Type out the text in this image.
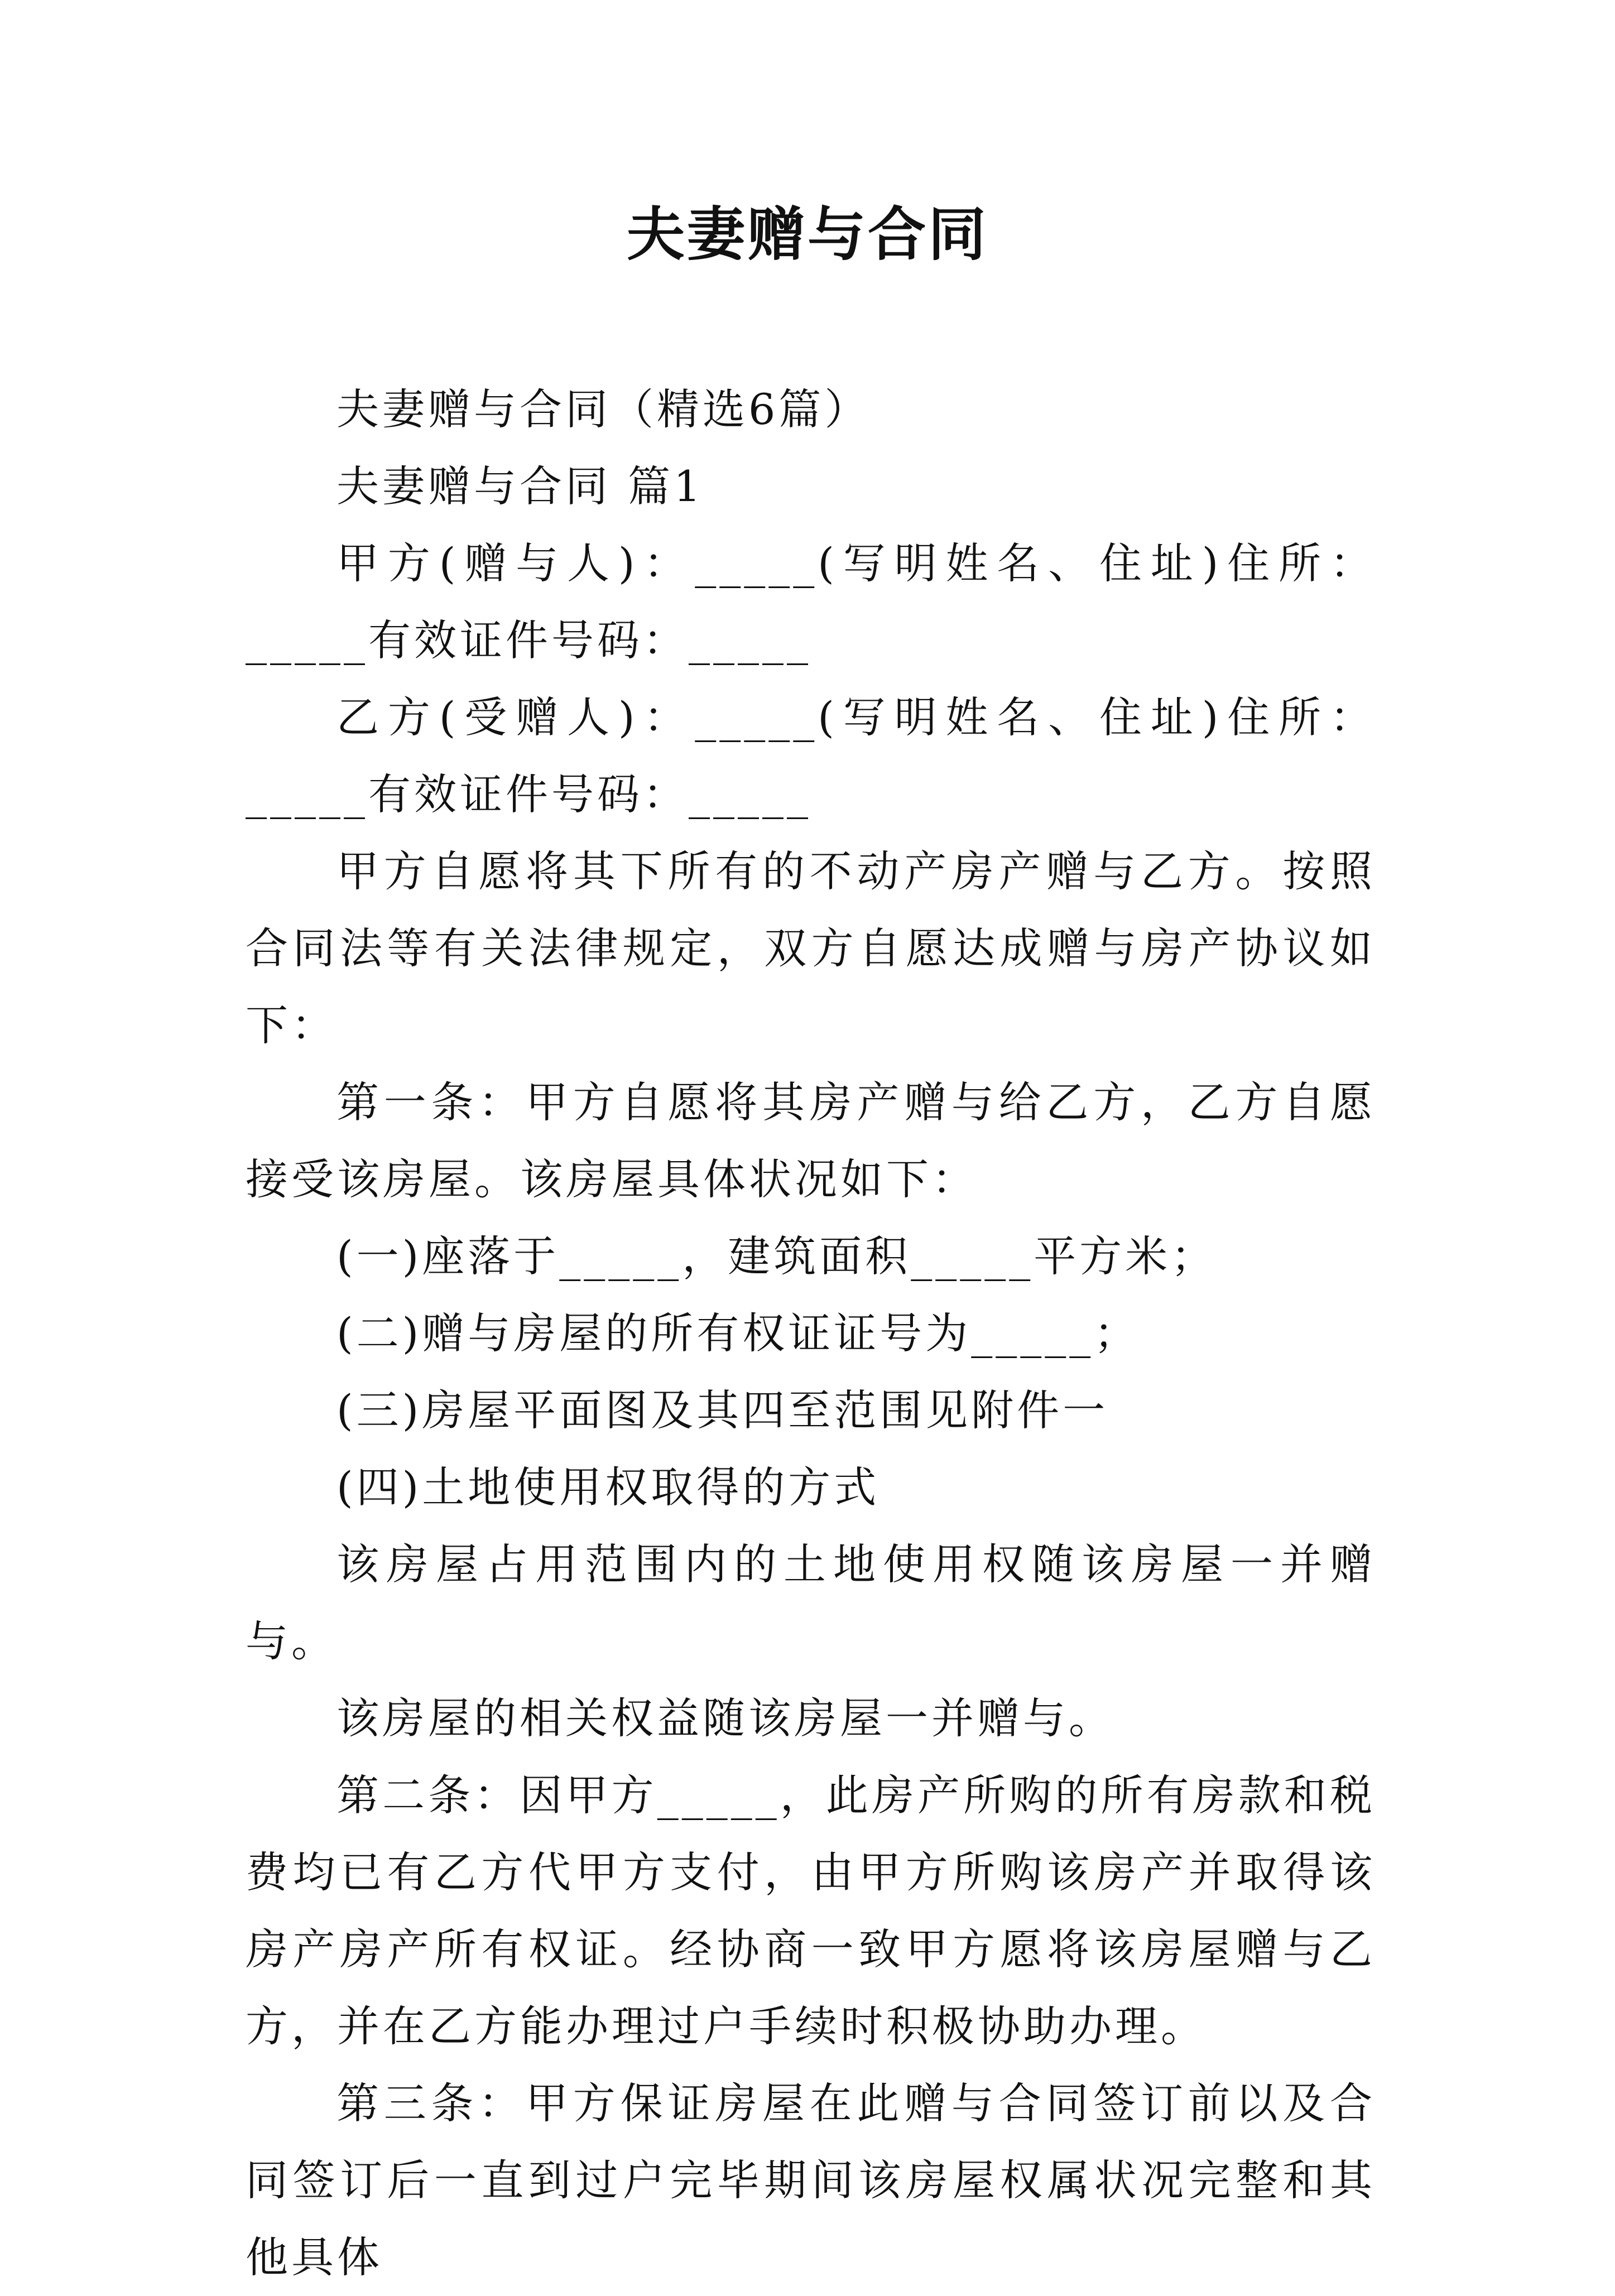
夫妻赠与合同

夫妻赠与合同（精选6篇）

夫妻赠与合同 篇1

甲方(赠与人)：_____(写明姓名、住址)住所：_____有效证件号码：_____

乙方(受赠人)：_____(写明姓名、住址)住所：_____有效证件号码：_____

甲方自愿将其下所有的不动产房产赠与乙方。按照合同法等有关法律规定，双方自愿达成赠与房产协议如下：

第一条：甲方自愿将其房产赠与给乙方，乙方自愿接受该房屋。该房屋具体状况如下：

(一)座落于_____，建筑面积_____平方米；

(二)赠与房屋的所有权证证号为_____；

(三)房屋平面图及其四至范围见附件一

(四)土地使用权取得的方式

该房屋占用范围内的土地使用权随该房屋一并赠与。

该房屋的相关权益随该房屋一并赠与。

第二条：因甲方_____，此房产所购的所有房款和税费均已有乙方代甲方支付，由甲方所购该房产并取得该房产房产所有权证。经协商一致甲方愿将该房屋赠与乙方，并在乙方能办理过户手续时积极协助办理。

第三条：甲方保证房屋在此赠与合同签订前以及合同签订后一直到过户完毕期间该房屋权属状况完整和其他具体
